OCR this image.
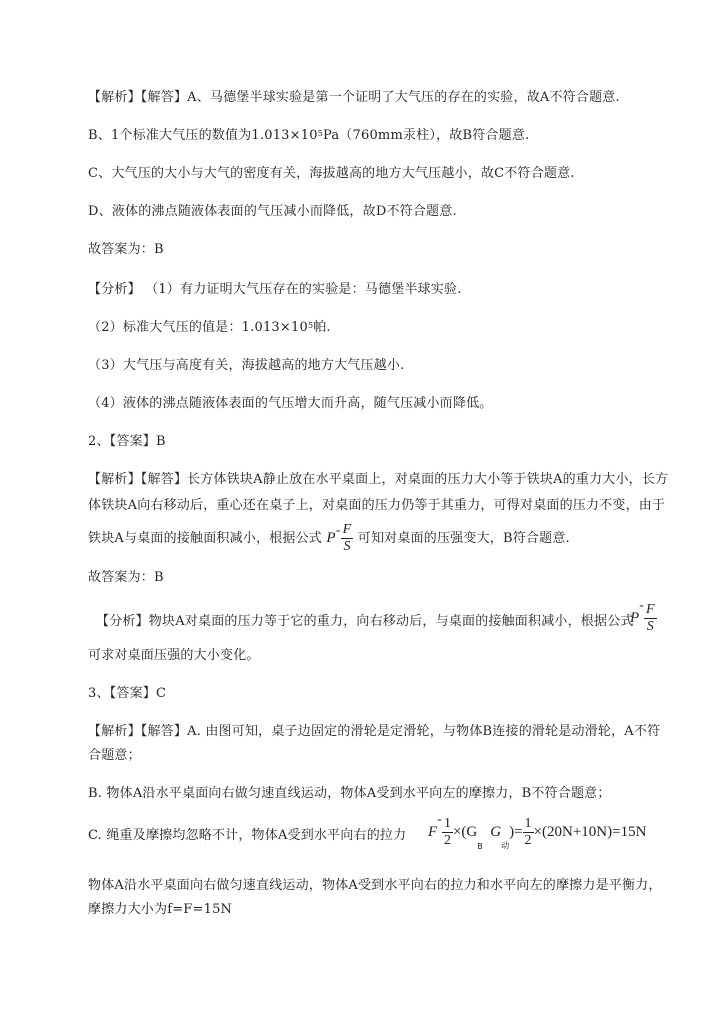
【解析】【解答】A、马德堡半球实验是第一个证明了大气压的存在的实验，故A不符合题意.
B、1个标准大气压的数值为$1.013\times 10^5Pa(760mm$汞柱），故B符合题意.
C、大气压的大小与大气的密度有关，海拔越高的地方大气压越小，故C不符合题意.
D、液体的沸点随液体表面的气压减小而降低，故D不符合题意.
故答案为：B
【分析】 （1）有力证明大气压存在的实验是：马德堡半球实验.
（2）标准大气压的值是：$1.013\times 10^5$帕.
（3）大气压与高度有关，海拔越高的地方大气压越小.
（4）液体的沸点随液体表面的气压增大而升高，随气压减小而降低。
2、【答案】B
【解析】【解答】长方体铁块A静止放在水平桌面上，对桌面的压力大小等于铁块A的重力大小，长方
体铁块A向右移动后，重心还在桌子上，对桌面的压力仍等于其重力，可得对桌面的压力不变，由于
铁块A与桌面的接触面积减小，根据公式 $P^{^=} \frac{F}{S}$ 可知对桌面的压强变大，B符合题意.
故答案为：B
【分析】物块A对桌面的压力等于它的重力，向右移动后，与桌面的接触面积减小，根据公式
$P^{^=} \frac{F}{S}$
可求对桌面压强的大小变化。
3、【答案】C
【解析】【解答】A. 由图可知，桌子边固定的滑轮是定滑轮，与物体B连接的滑轮是动滑轮，A不符
合题意；
B. 物体A沿水平桌面向右做匀速直线运动，物体A受到水平向左的摩擦力，B不符合题意；
C. 绳重及摩擦均忽略不计，物体A受到水平向右的拉力 $F^{^=} \frac{1}{2} \times(GB$  G动)= $\frac{1}{2} \times(20N+10N)=15N$
物体A沿水平桌面向右做匀速直线运动，物体A受到水平向右的拉力和水平向左的摩擦力是平衡力，
摩擦力大小为f=F=15N
